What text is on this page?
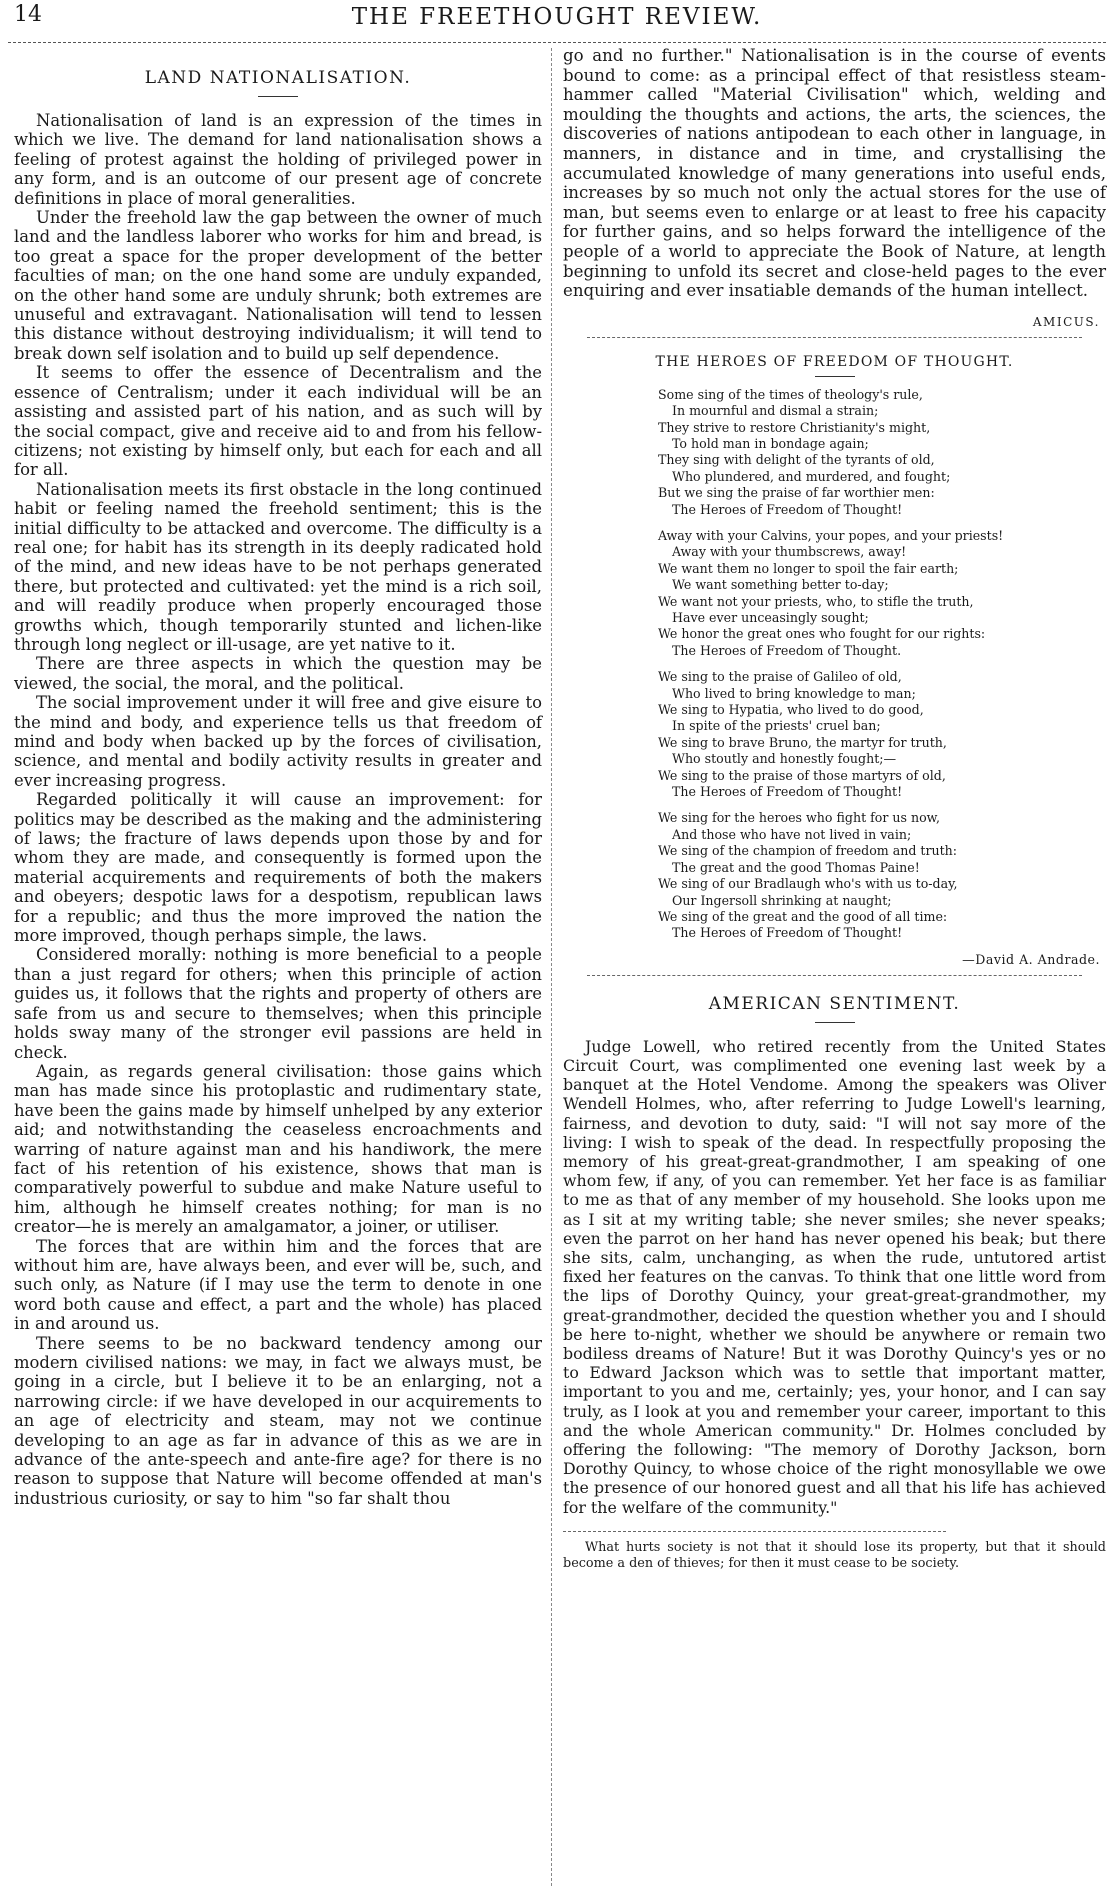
14	THE FREETHOUGHT REVIEW.
LAND NATIONALISATION.

Nationalisation of land is an expression of the times in which we live. The demand for land nationalisation shows a feeling of protest against the holding of privileged power in any form, and is an outcome of our present age of concrete definitions in place of moral generalities.

Under the freehold law the gap between the owner of much land and the landless laborer who works for him and bread, is too great a space for the proper development of the better faculties of man; on the one hand some are unduly expanded, on the other hand some are unduly shrunk; both extremes are unuseful and extravagant. Nationalisation will tend to lessen this distance without destroying individualism; it will tend to break down self isolation and to build up self dependence.

It seems to offer the essence of Decentralism and the essence of Centralism; under it each individual will be an assisting and assisted part of his nation, and as such will by the social compact, give and receive aid to and from his fellow-citizens; not existing by himself only, but each for each and all for all.

Nationalisation meets its first obstacle in the long continued habit or feeling named the freehold sentiment; this is the initial difficulty to be attacked and overcome. The difficulty is a real one; for habit has its strength in its deeply radicated hold of the mind, and new ideas have to be not perhaps generated there, but protected and cultivated: yet the mind is a rich soil, and will readily produce when properly encouraged those growths which, though temporarily stunted and lichen-like through long neglect or ill-usage, are yet native to it.

There are three aspects in which the question may be viewed, the social, the moral, and the political.

The social improvement under it will free and give eisure to the mind and body, and experience tells us that freedom of mind and body when backed up by the forces of civilisation, science, and mental and bodily activity results in greater and ever increasing progress.

Regarded politically it will cause an improvement: for politics may be described as the making and the administering of laws; the fracture of laws depends upon those by and for whom they are made, and consequently is formed upon the material acquirements and requirements of both the makers and obeyers; despotic laws for a despotism, republican laws for a republic; and thus the more improved the nation the more improved, though perhaps simple, the laws.

Considered morally: nothing is more beneficial to a people than a just regard for others; when this principle of action guides us, it follows that the rights and property of others are safe from us and secure to themselves; when this principle holds sway many of the stronger evil passions are held in check.

Again, as regards general civilisation: those gains which man has made since his protoplastic and rudimentary state, have been the gains made by himself unhelped by any exterior aid; and notwithstanding the ceaseless encroachments and warring of nature against man and his handiwork, the mere fact of his retention of his existence, shows that man is comparatively powerful to subdue and make Nature useful to him, although he himself creates nothing; for man is no creator—he is merely an amalgamator, a joiner, or utiliser.

The forces that are within him and the forces that are without him are, have always been, and ever will be, such, and such only, as Nature (if I may use the term to denote in one word both cause and effect, a part and the whole) has placed in and around us.

There seems to be no backward tendency among our modern civilised nations: we may, in fact we always must, be going in a circle, but I believe it to be an enlarging, not a narrowing circle: if we have developed in our acquirements to an age of electricity and steam, may not we continue developing to an age as far in advance of this as we are in advance of the ante-speech and ante-fire age? for there is no reason to suppose that Nature will become offended at man's industrious curiosity, or say to him "so far shalt thou

go and no further." Nationalisation is in the course of events bound to come: as a principal effect of that resistless steam-hammer called "Material Civilisation" which, welding and moulding the thoughts and actions, the arts, the sciences, the discoveries of nations antipodean to each other in language, in manners, in distance and in time, and crystallising the accumulated knowledge of many generations into useful ends, increases by so much not only the actual stores for the use of man, but seems even to enlarge or at least to free his capacity for further gains, and so helps forward the intelligence of the people of a world to appreciate the Book of Nature, at length beginning to unfold its secret and close-held pages to the ever enquiring and ever insatiable demands of the human intellect.

AMICUS.
THE HEROES OF FREEDOM OF THOUGHT.
Some sing of the times of theology's rule,
In mournful and dismal a strain;
They strive to restore Christianity's might,
To hold man in bondage again;
They sing with delight of the tyrants of old,
Who plundered, and murdered, and fought;
But we sing the praise of far worthier men:
The Heroes of Freedom of Thought!
Away with your Calvins, your popes, and your priests!
Away with your thumbscrews, away!
We want them no longer to spoil the fair earth;
We want something better to-day;
We want not your priests, who, to stifle the truth,
Have ever unceasingly sought;
We honor the great ones who fought for our rights:
The Heroes of Freedom of Thought.
We sing to the praise of Galileo of old,
Who lived to bring knowledge to man;
We sing to Hypatia, who lived to do good,
In spite of the priests' cruel ban;
We sing to brave Bruno, the martyr for truth,
Who stoutly and honestly fought;—
We sing to the praise of those martyrs of old,
The Heroes of Freedom of Thought!
We sing for the heroes who fight for us now,
And those who have not lived in vain;
We sing of the champion of freedom and truth:
The great and the good Thomas Paine!
We sing of our Bradlaugh who's with us to-day,
Our Ingersoll shrinking at naught;
We sing of the great and the good of all time:
The Heroes of Freedom of Thought!
—David A. Andrade.
AMERICAN SENTIMENT.

Judge Lowell, who retired recently from the United States Circuit Court, was complimented one evening last week by a banquet at the Hotel Vendome. Among the speakers was Oliver Wendell Holmes, who, after referring to Judge Lowell's learning, fairness, and devotion to duty, said: "I will not say more of the living: I wish to speak of the dead. In respectfully proposing the memory of his great-great-grandmother, I am speaking of one whom few, if any, of you can remember. Yet her face is as familiar to me as that of any member of my household. She looks upon me as I sit at my writing table; she never smiles; she never speaks; even the parrot on her hand has never opened his beak; but there she sits, calm, unchanging, as when the rude, untutored artist fixed her features on the canvas. To think that one little word from the lips of Dorothy Quincy, your great-great-grandmother, my great-grandmother, decided the question whether you and I should be here to-night, whether we should be anywhere or remain two bodiless dreams of Nature! But it was Dorothy Quincy's yes or no to Edward Jackson which was to settle that important matter, important to you and me, certainly; yes, your honor, and I can say truly, as I look at you and remember your career, important to this and the whole American community." Dr. Holmes concluded by offering the following: "The memory of Dorothy Jackson, born Dorothy Quincy, to whose choice of the right monosyllable we owe the presence of our honored guest and all that his life has achieved for the welfare of the community."

What hurts society is not that it should lose its property, but that it should become a den of thieves; for then it must cease to be society.
